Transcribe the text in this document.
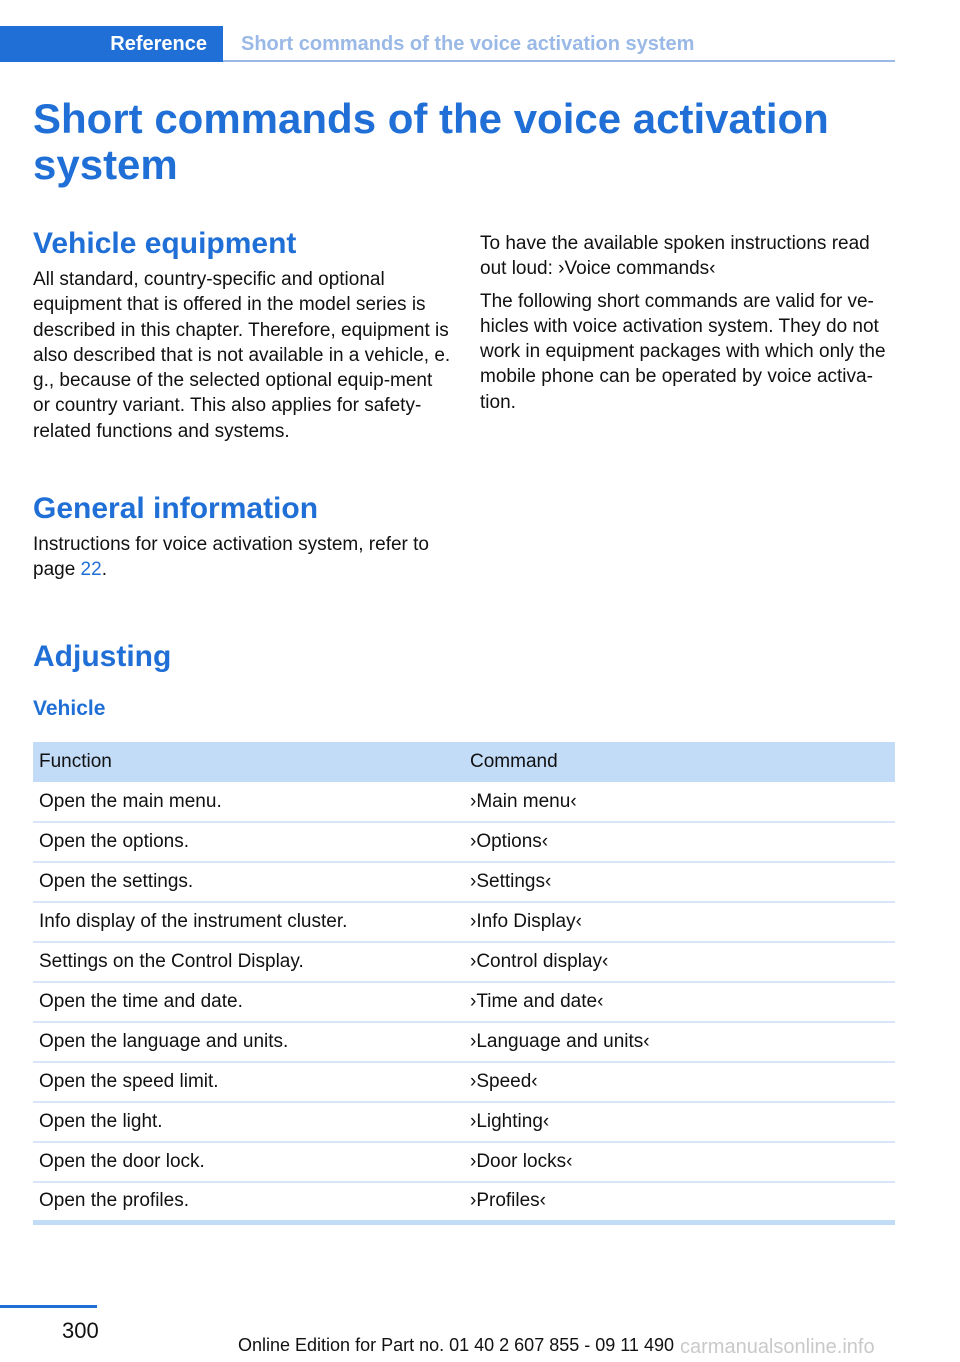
Reference	Short commands of the voice activation system
Short commands of the voice activation system
Vehicle equipment

All standard, country-specific and optional equipment that is offered in the model series is described in this chapter. Therefore, equipment is also described that is not available in a vehicle, e. g., because of the selected optional equip-ment or country variant. This also applies for safety-related functions and systems.

General information

Instructions for voice activation system, refer to page 22.

To have the available spoken instructions read out loud: ›Voice commands‹

The following short commands are valid for ve-hicles with voice activation system. They do not work in equipment packages with which only the mobile phone can be operated by voice activa-tion.

Adjusting
Vehicle
Function	Command
Open the main menu.	›Main menu‹
Open the options.	›Options‹
Open the settings.	›Settings‹
Info display of the instrument cluster.	›Info Display‹
Settings on the Control Display.	›Control display‹
Open the time and date.	›Time and date‹
Open the language and units.	›Language and units‹
Open the speed limit.	›Speed‹
Open the light.	›Lighting‹
Open the door lock.	›Door locks‹
Open the profiles.	›Profiles‹
300
Online Edition for Part no. 01 40 2 607 855 - 09 11 490 carmanualsonline.info
